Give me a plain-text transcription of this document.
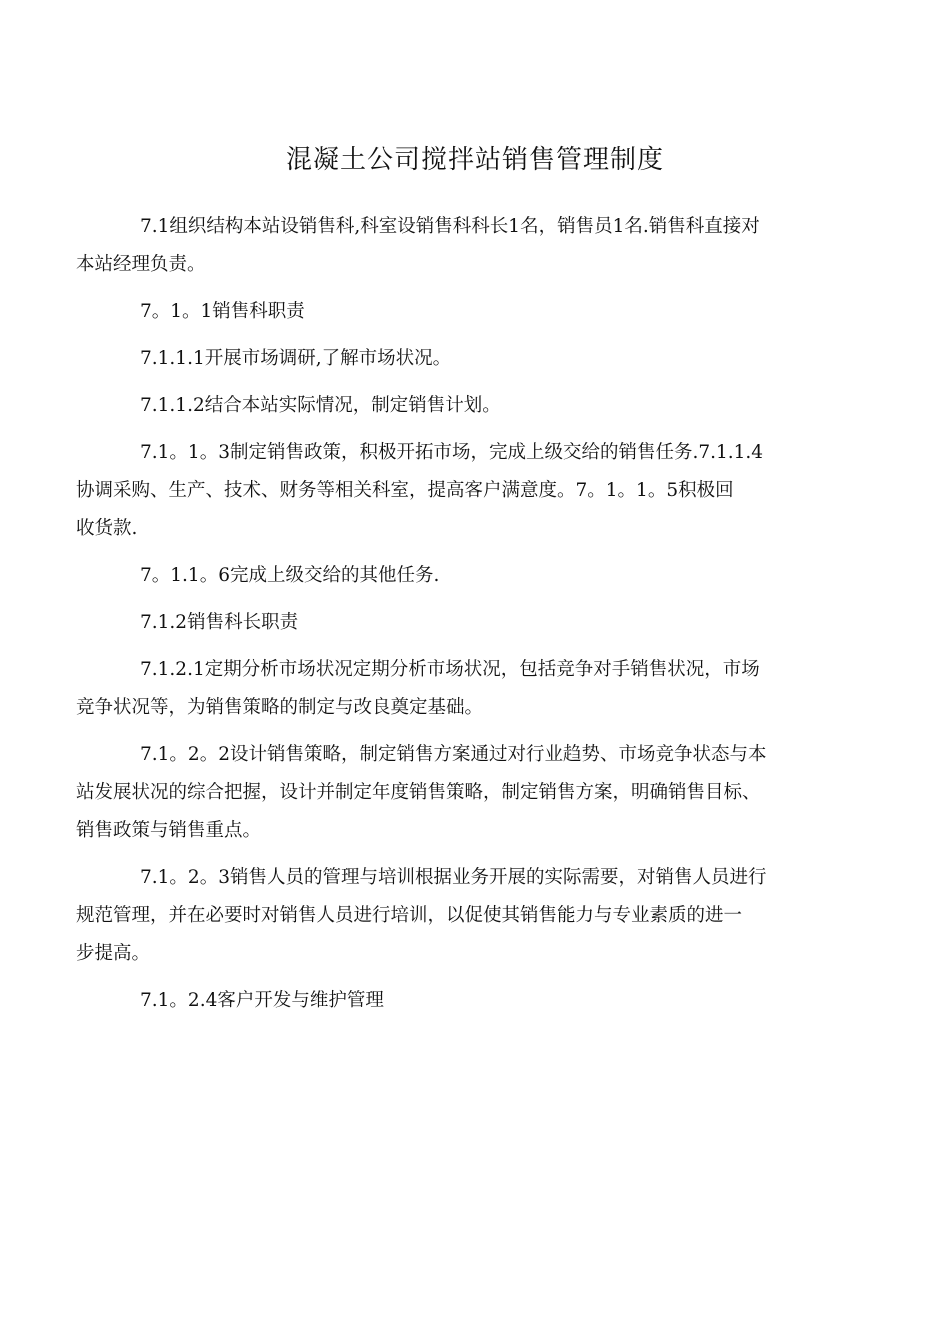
混凝土公司搅拌站销售管理制度

7.1组织结构本站设销售科,科室设销售科科长1名，销售员1名.销售科直接对
本站经理负责。

7。1。1销售科职责

7.1.1.1开展市场调研,了解市场状况。

7.1.1.2结合本站实际情况，制定销售计划。

7.1。1。3制定销售政策，积极开拓市场，完成上级交给的销售任务.7.1.1.4
协调采购、生产、技术、财务等相关科室，提高客户满意度。7。1。1。5积极回
收货款.

7。1.1。6完成上级交给的其他任务.

7.1.2销售科长职责

7.1.2.1定期分析市场状况定期分析市场状况，包括竞争对手销售状况，市场
竞争状况等，为销售策略的制定与改良奠定基础。

7.1。2。2设计销售策略，制定销售方案通过对行业趋势、市场竞争状态与本
站发展状况的综合把握，设计并制定年度销售策略，制定销售方案，明确销售目标、
销售政策与销售重点。

7.1。2。3销售人员的管理与培训根据业务开展的实际需要，对销售人员进行
规范管理，并在必要时对销售人员进行培训，以促使其销售能力与专业素质的进一
步提高。

7.1。2.4客户开发与维护管理
